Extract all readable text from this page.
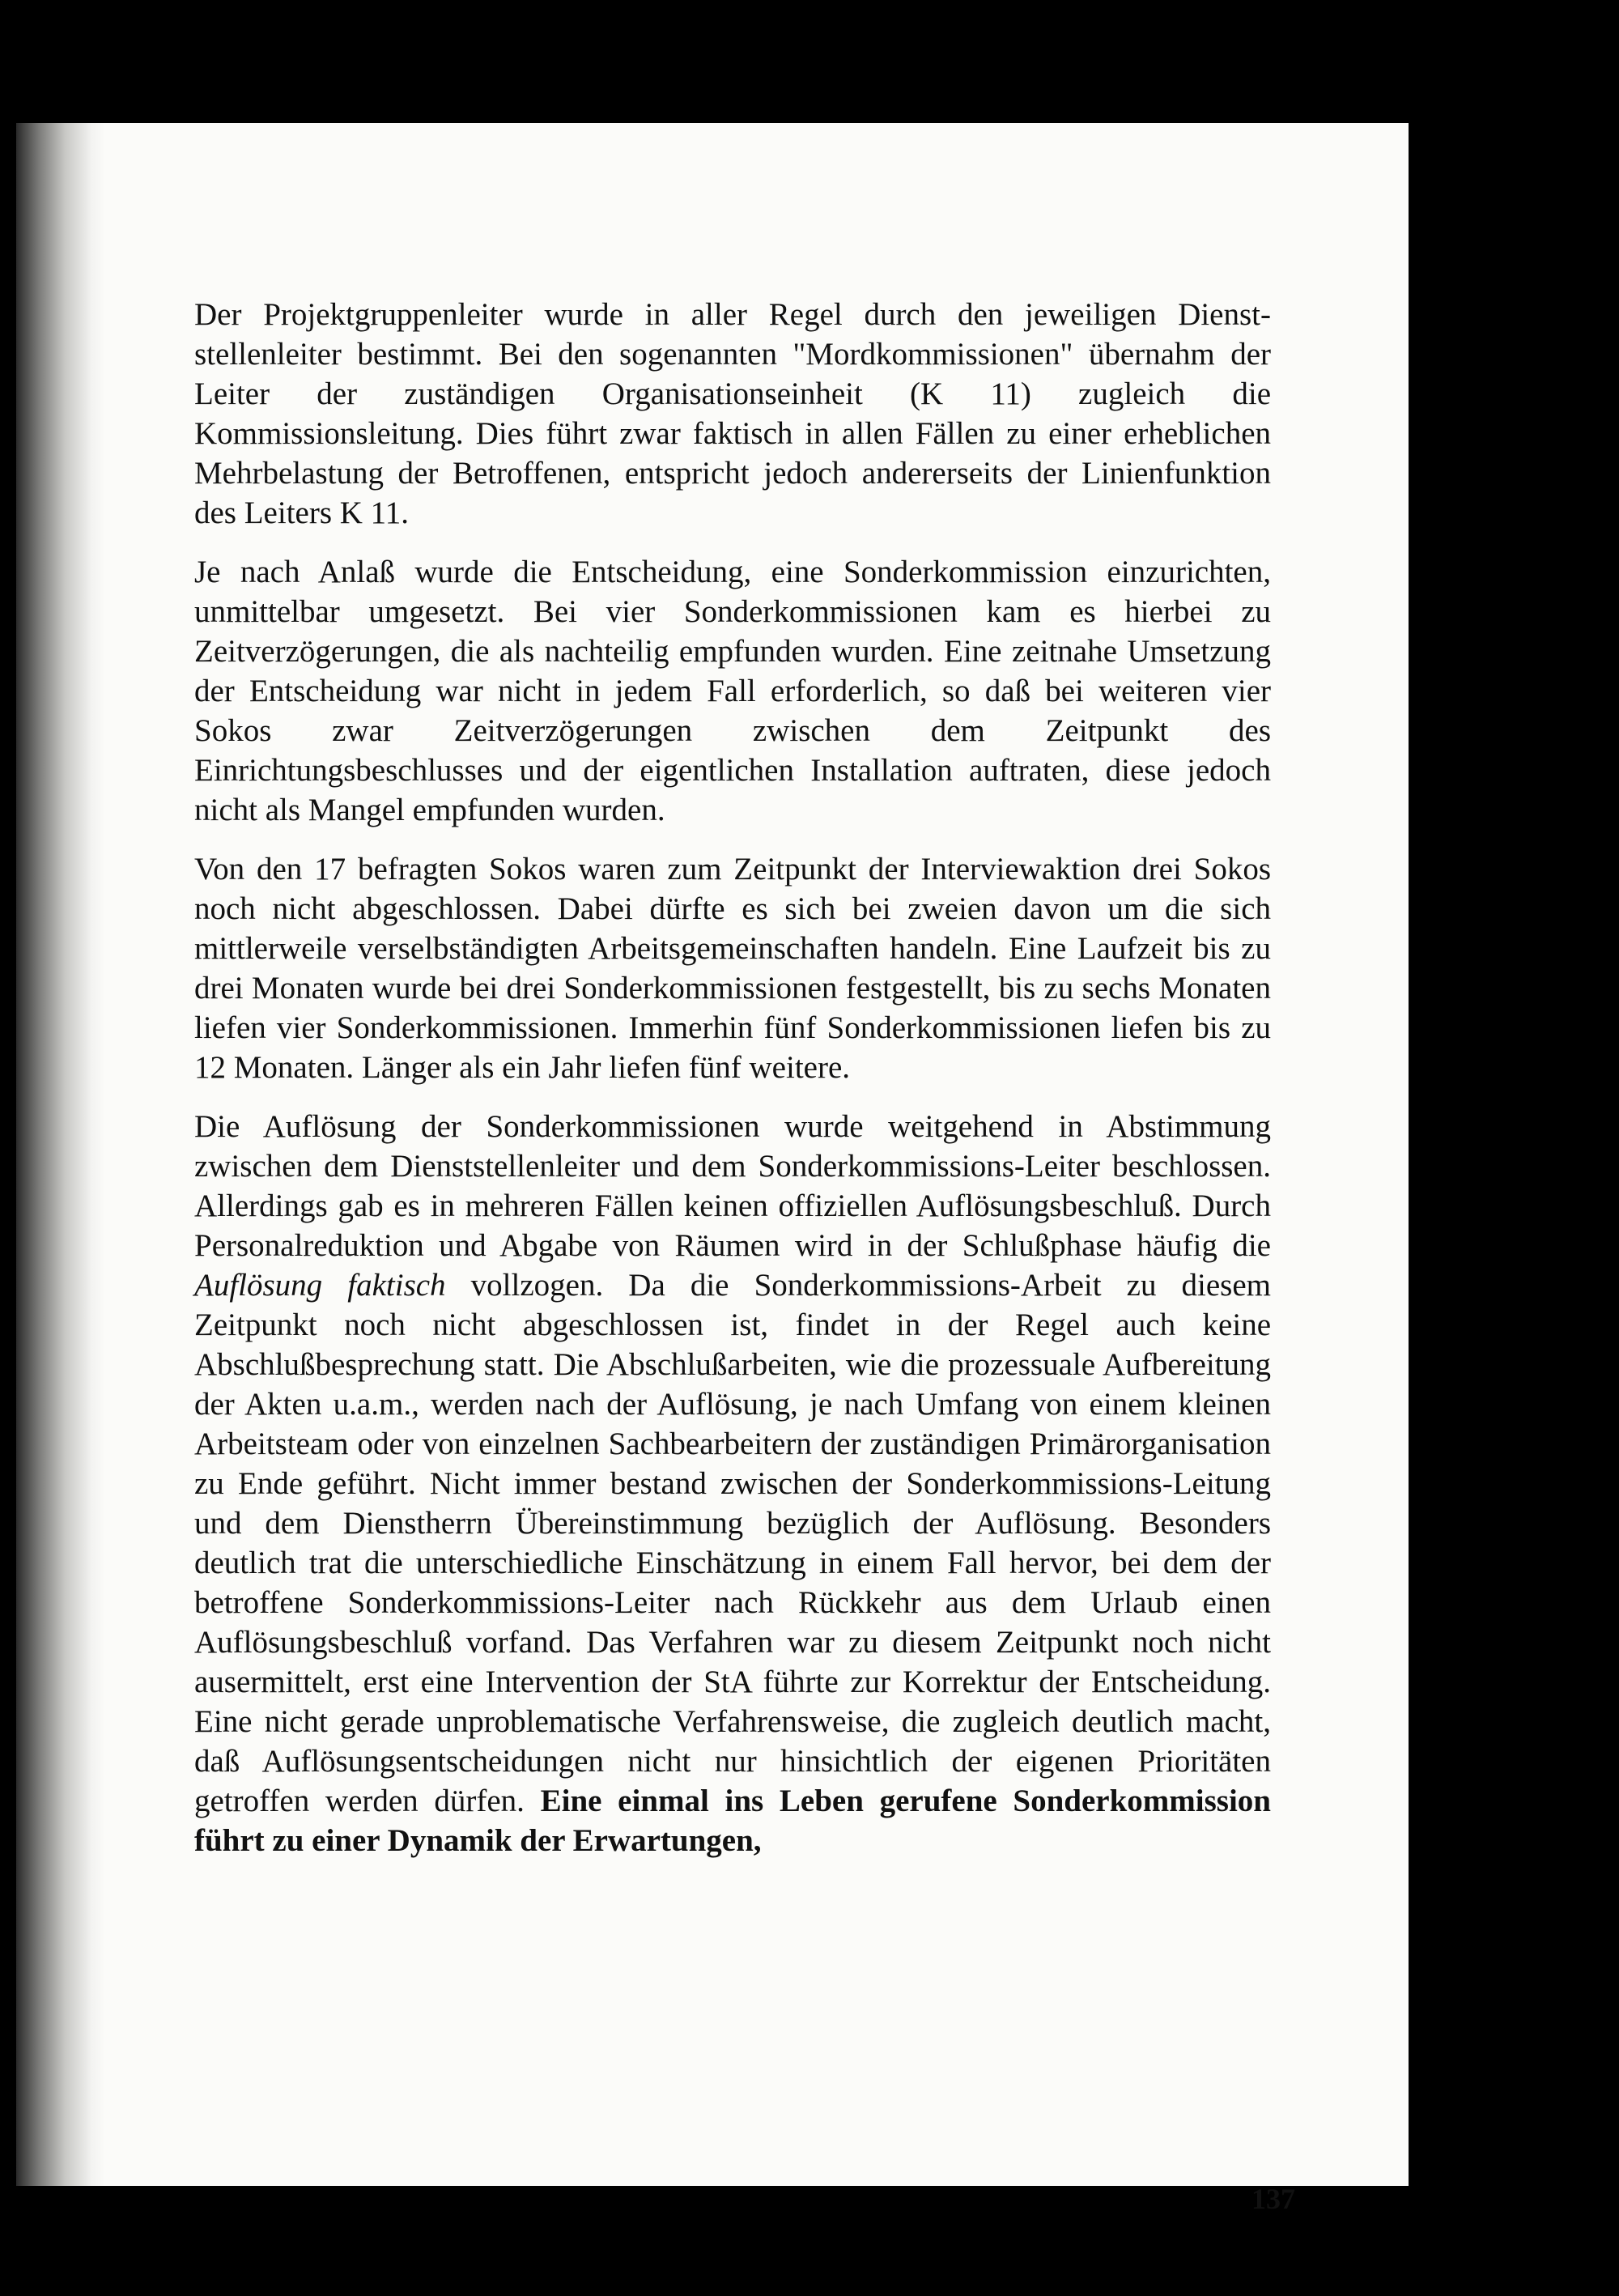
Der Projektgruppenleiter wurde in aller Regel durch den jeweiligen Dienststellenleiter bestimmt. Bei den sogenannten "Mordkommissionen" übernahm der Leiter der zuständigen Organisationseinheit (K 11) zugleich die Kommissionsleitung. Dies führt zwar faktisch in allen Fällen zu einer erheblichen Mehrbelastung der Betroffenen, entspricht jedoch andererseits der Linienfunktion des Leiters K 11.

Je nach Anlaß wurde die Entscheidung, eine Sonderkommission einzurichten, unmittelbar umgesetzt. Bei vier Sonderkommissionen kam es hierbei zu Zeitverzögerungen, die als nachteilig empfunden wurden. Eine zeitnahe Umsetzung der Entscheidung war nicht in jedem Fall erforderlich, so daß bei weiteren vier Sokos zwar Zeitverzögerungen zwischen dem Zeitpunkt des Einrichtungsbeschlusses und der eigentlichen Installation auftraten, diese jedoch nicht als Mangel empfunden wurden.

Von den 17 befragten Sokos waren zum Zeitpunkt der Interviewaktion drei Sokos noch nicht abgeschlossen. Dabei dürfte es sich bei zweien davon um die sich mittlerweile verselbständigten Arbeitsgemeinschaften handeln. Eine Laufzeit bis zu drei Monaten wurde bei drei Sonderkommissionen festgestellt, bis zu sechs Monaten liefen vier Sonderkommissionen. Immerhin fünf Sonderkommissionen liefen bis zu 12 Monaten. Länger als ein Jahr liefen fünf weitere.

Die Auflösung der Sonderkommissionen wurde weitgehend in Abstimmung zwischen dem Dienststellenleiter und dem Sonderkommissions-Leiter beschlossen. Allerdings gab es in mehreren Fällen keinen offiziellen Auflösungsbeschluß. Durch Personalreduktion und Abgabe von Räumen wird in der Schlußphase häufig die Auflösung faktisch vollzogen. Da die Sonderkommissions-Arbeit zu diesem Zeitpunkt noch nicht abgeschlossen ist, findet in der Regel auch keine Abschlußbesprechung statt. Die Abschlußarbeiten, wie die prozessuale Aufbereitung der Akten u.a.m., werden nach der Auflösung, je nach Umfang von einem kleinen Arbeitsteam oder von einzelnen Sachbearbeitern der zuständigen Primärorganisation zu Ende geführt. Nicht immer bestand zwischen der Sonderkommissions-Leitung und dem Dienstherrn Übereinstimmung bezüglich der Auflösung. Besonders deutlich trat die unterschiedliche Einschätzung in einem Fall hervor, bei dem der betroffene Sonderkommissions-Leiter nach Rückkehr aus dem Urlaub einen Auflösungsbeschluß vorfand. Das Verfahren war zu diesem Zeitpunkt noch nicht ausermittelt, erst eine Intervention der StA führte zur Korrektur der Entscheidung. Eine nicht gerade unproblematische Verfahrensweise, die zugleich deutlich macht, daß Auflösungsentscheidungen nicht nur hinsichtlich der eigenen Prioritäten getroffen werden dürfen. Eine einmal ins Leben gerufene Sonderkommission führt zu einer Dynamik der Erwartungen,

137
